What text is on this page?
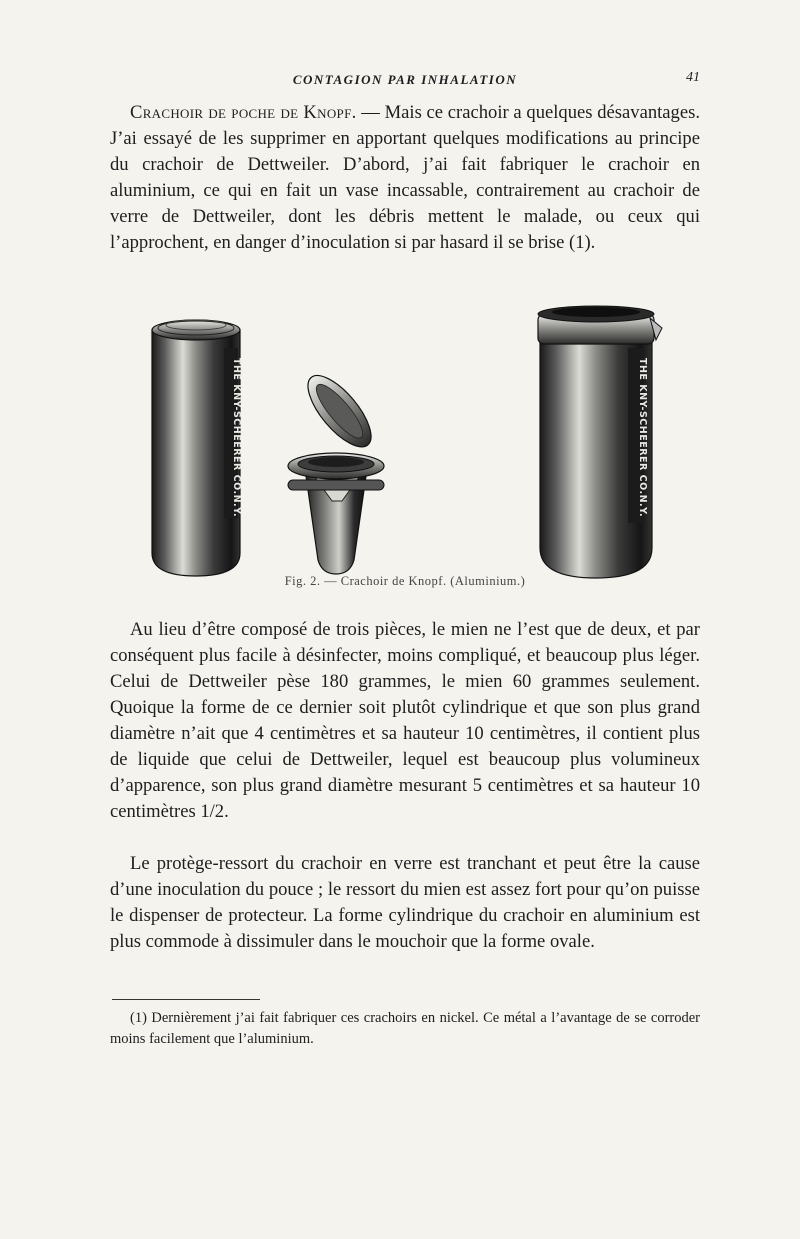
CONTAGION PAR INHALATION	41
Crachoir de poche de Knopf. — Mais ce crachoir a quelques désavantages. J’ai essayé de les supprimer en apportant quelques modifications au principe du crachoir de Dettweiler. D’abord, j’ai fait fabriquer le crachoir en aluminium, ce qui en fait un vase incassable, contrairement au crachoir de verre de Dettweiler, dont les débris mettent le malade, ou ceux qui l’approchent, en danger d’inoculation si par hasard il se brise (1).
THE KNY-SCHEERER CO.N.Y.	THE KNY-SCHEERER CO.N.Y.
Fig. 2. — Crachoir de Knopf. (Aluminium.)
Au lieu d’être composé de trois pièces, le mien ne l’est que de deux, et par conséquent plus facile à désinfecter, moins compliqué, et beaucoup plus léger. Celui de Dettweiler pèse 180 grammes, le mien 60 grammes seulement. Quoique la forme de ce dernier soit plutôt cylindrique et que son plus grand diamètre n’ait que 4 centimètres et sa hauteur 10 centimètres, il contient plus de liquide que celui de Dettweiler, lequel est beaucoup plus volumineux d’apparence, son plus grand diamètre mesurant 5 centimètres et sa hauteur 10 centimètres 1/2.
Le protège-ressort du crachoir en verre est tranchant et peut être la cause d’une inoculation du pouce ; le ressort du mien est assez fort pour qu’on puisse le dispenser de protecteur. La forme cylindrique du crachoir en aluminium est plus commode à dissimuler dans le mouchoir que la forme ovale.
(1) Dernièrement j’ai fait fabriquer ces crachoirs en nickel. Ce métal a l’avantage de se corroder moins facilement que l’aluminium.
